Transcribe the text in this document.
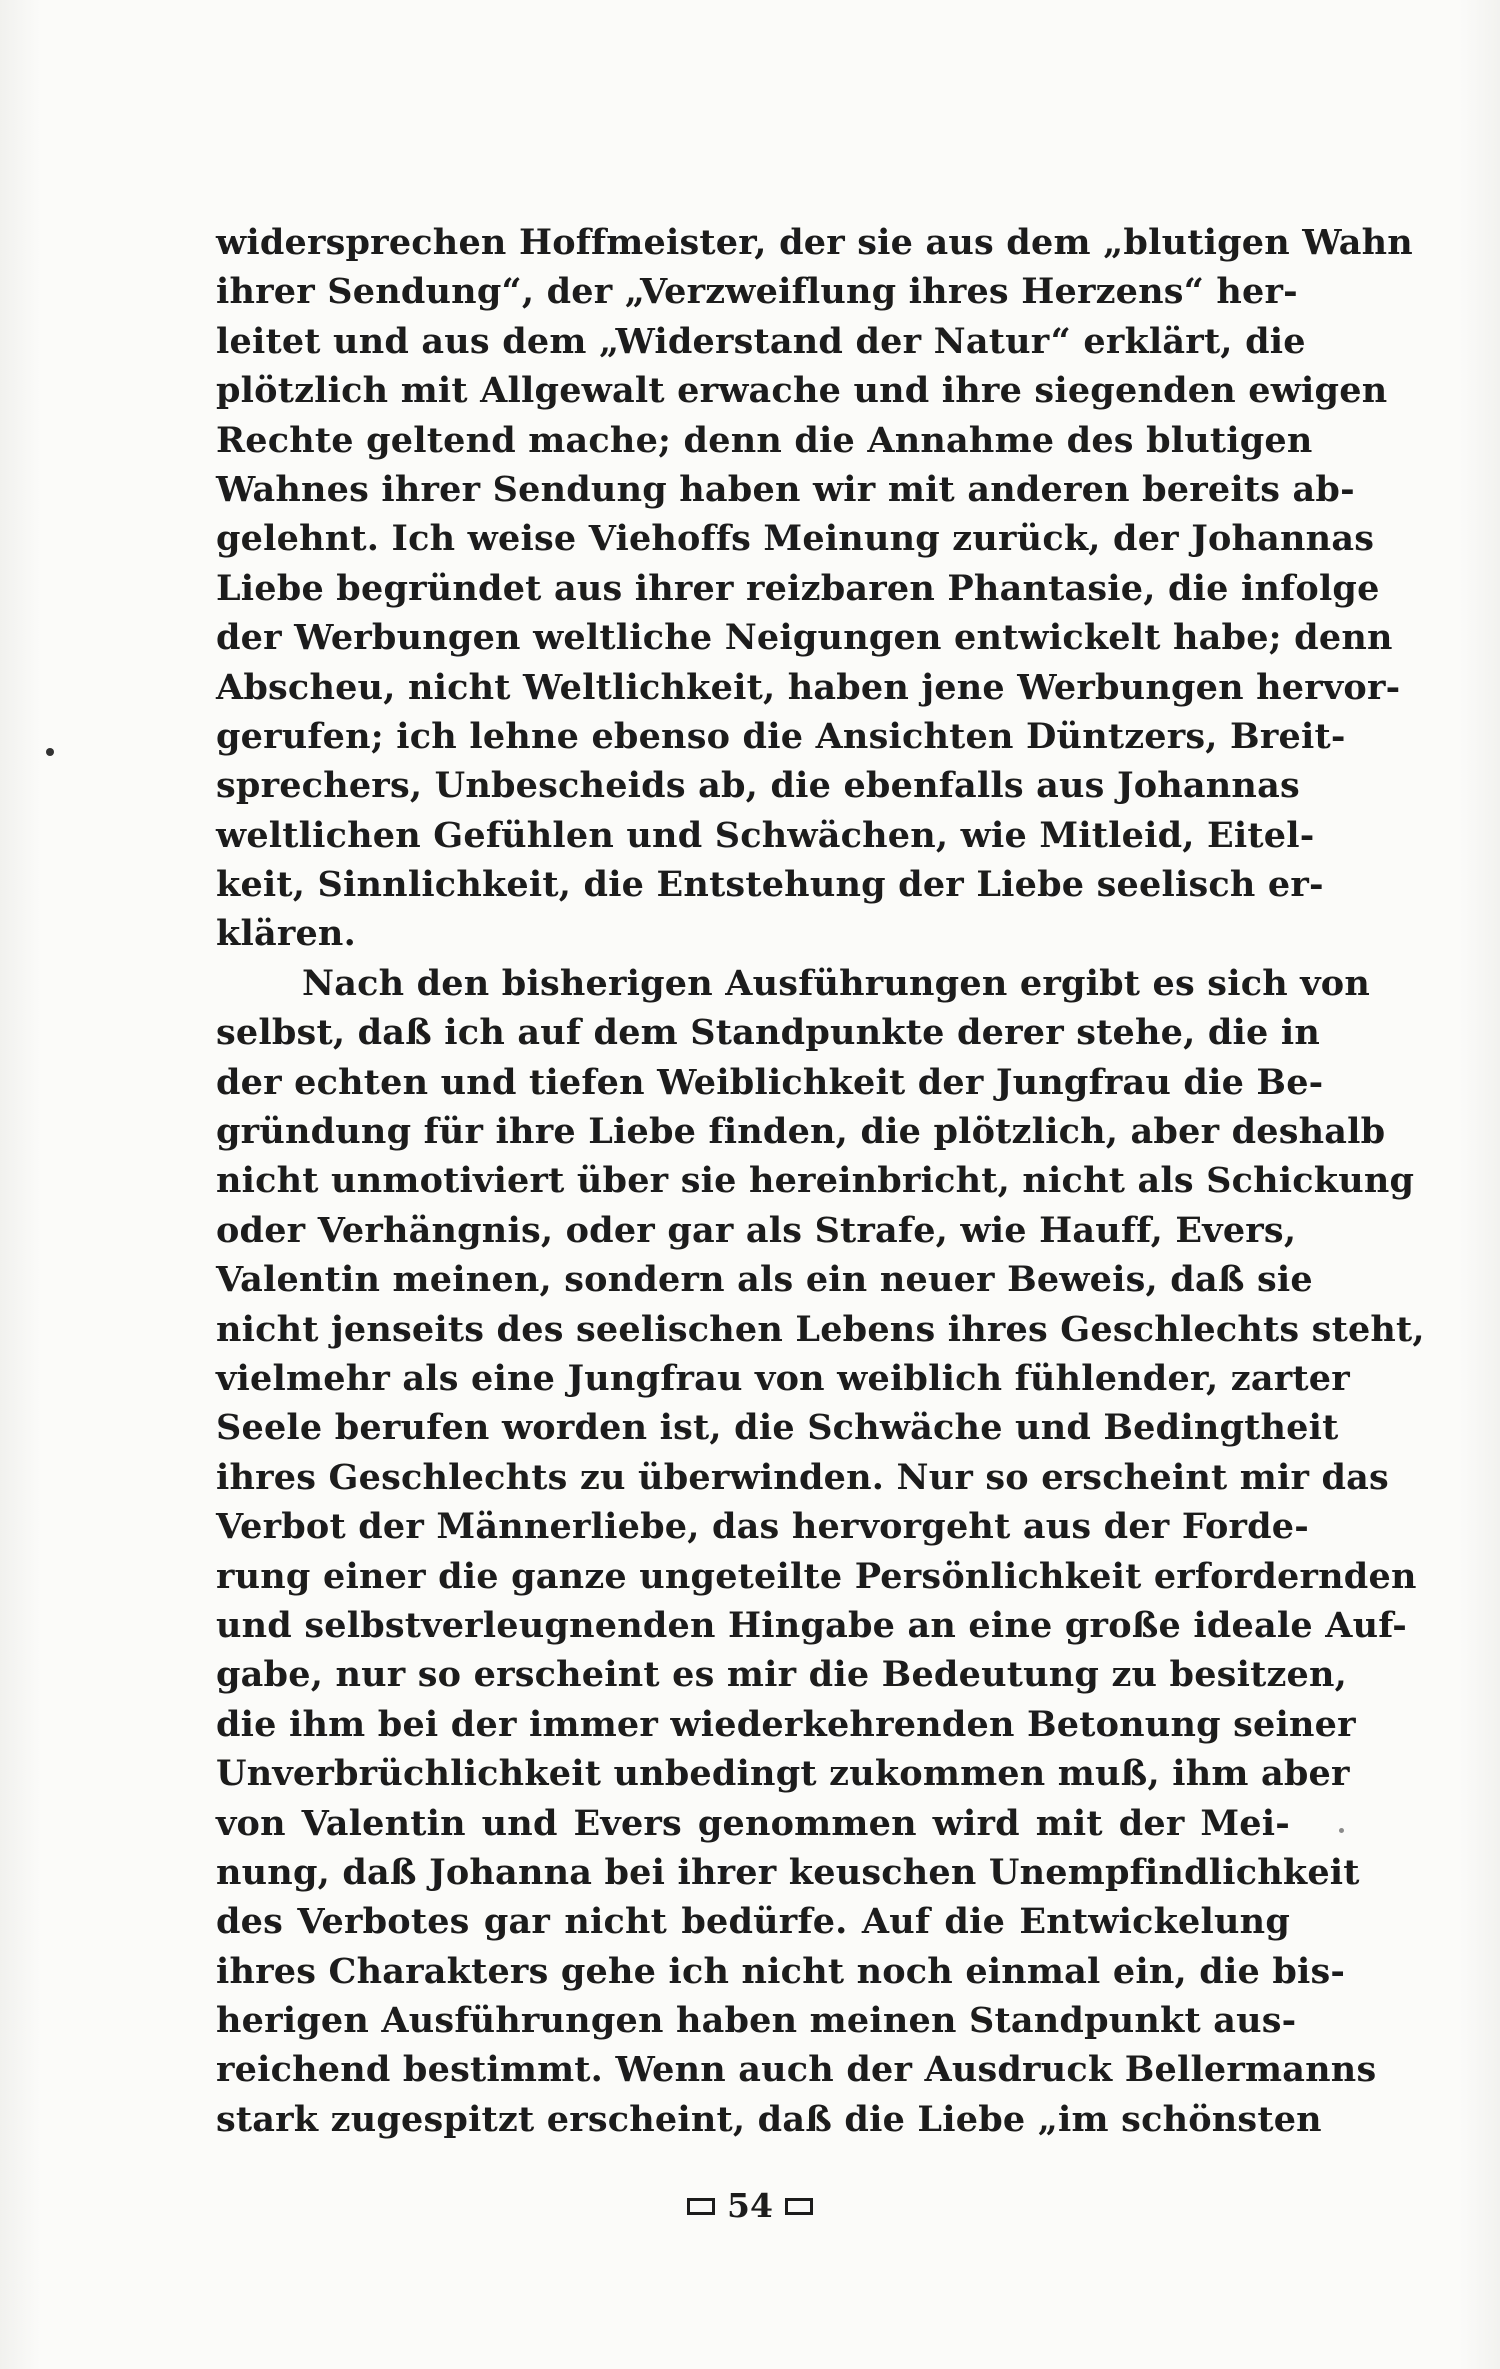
widersprechen Hoffmeister, der sie aus dem „blutigen Wahn
ihrer Sendung“, der „Verzweiflung ihres Herzens“ her-
leitet und aus dem „Widerstand der Natur“ erklärt, die
plötzlich mit Allgewalt erwache und ihre siegenden ewigen
Rechte geltend mache; denn die Annahme des blutigen
Wahnes ihrer Sendung haben wir mit anderen bereits ab-
gelehnt. Ich weise Viehoffs Meinung zurück, der Johannas
Liebe begründet aus ihrer reizbaren Phantasie, die infolge
der Werbungen weltliche Neigungen entwickelt habe; denn
Abscheu, nicht Weltlichkeit, haben jene Werbungen hervor-
gerufen; ich lehne ebenso die Ansichten Düntzers, Breit-
sprechers, Unbescheids ab, die ebenfalls aus Johannas
weltlichen Gefühlen und Schwächen, wie Mitleid, Eitel-
keit, Sinnlichkeit, die Entstehung der Liebe seelisch er-
klären.
Nach den bisherigen Ausführungen ergibt es sich von
selbst, daß ich auf dem Standpunkte derer stehe, die in
der echten und tiefen Weiblichkeit der Jungfrau die Be-
gründung für ihre Liebe finden, die plötzlich, aber deshalb
nicht unmotiviert über sie hereinbricht, nicht als Schickung
oder Verhängnis, oder gar als Strafe, wie Hauff, Evers,
Valentin meinen, sondern als ein neuer Beweis, daß sie
nicht jenseits des seelischen Lebens ihres Geschlechts steht,
vielmehr als eine Jungfrau von weiblich fühlender, zarter
Seele berufen worden ist, die Schwäche und Bedingtheit
ihres Geschlechts zu überwinden. Nur so erscheint mir das
Verbot der Männerliebe, das hervorgeht aus der Forde-
rung einer die ganze ungeteilte Persönlichkeit erfordernden
und selbstverleugnenden Hingabe an eine große ideale Auf-
gabe, nur so erscheint es mir die Bedeutung zu besitzen,
die ihm bei der immer wiederkehrenden Betonung seiner
Unverbrüchlichkeit unbedingt zukommen muß, ihm aber
von Valentin und Evers genommen wird mit der Mei-
nung, daß Johanna bei ihrer keuschen Unempfindlichkeit
des Verbotes gar nicht bedürfe. Auf die Entwickelung
ihres Charakters gehe ich nicht noch einmal ein, die bis-
herigen Ausführungen haben meinen Standpunkt aus-
reichend bestimmt. Wenn auch der Ausdruck Bellermanns
stark zugespitzt erscheint, daß die Liebe „im schönsten
54
